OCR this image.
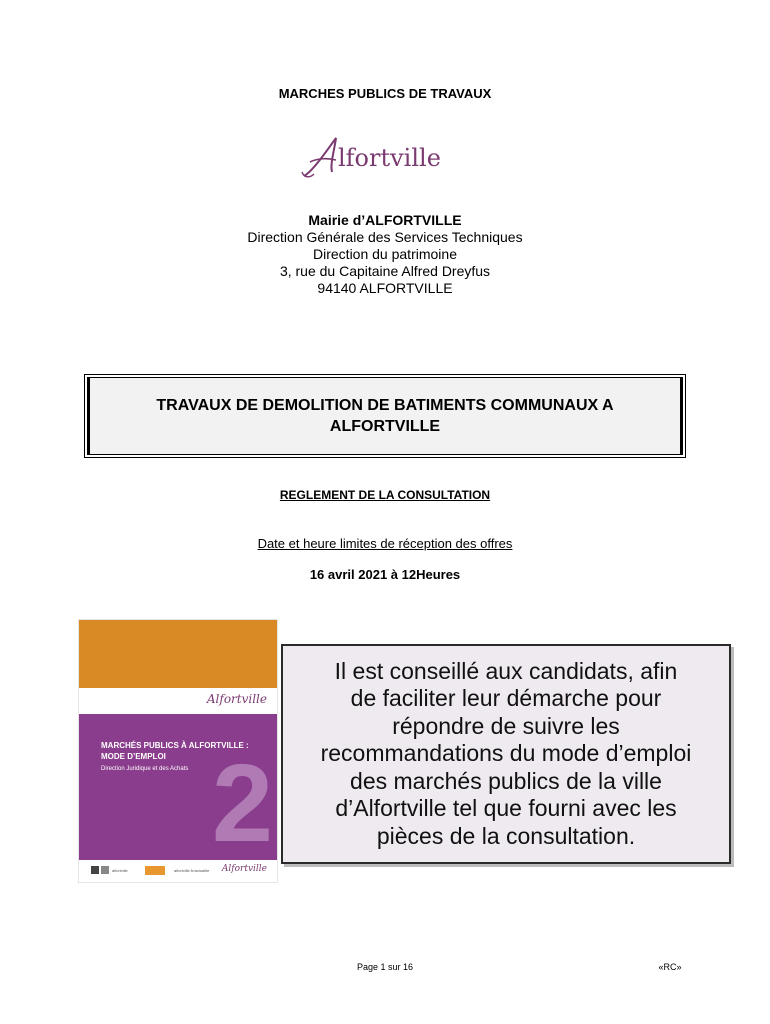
MARCHES PUBLICS DE TRAVAUX
lfortville
Mairie d’ALFORTVILLE
Direction Générale des Services Techniques
Direction du patrimoine
3, rue du Capitaine Alfred Dreyfus
94140 ALFORTVILLE
TRAVAUX DE DEMOLITION DE BATIMENTS COMMUNAUX A
ALFORTVILLE
REGLEMENT DE LA CONSULTATION
Date et heure limites de réception des offres
16 avril 2021 à 12Heures
Alfortville
MARCHÉS PUBLICS À ALFORTVILLE :
MODE D’EMPLOI
Direction Juridique et des Achats 2
alfortville	alfortville.fr/actualite Alfortville
Il est conseillé aux candidats, afin
de faciliter leur démarche pour
répondre de suivre les
recommandations du mode d’emploi
des marchés publics de la ville
d’Alfortville tel que fourni avec les
pièces de la consultation.
Page 1 sur 16	«RC»
